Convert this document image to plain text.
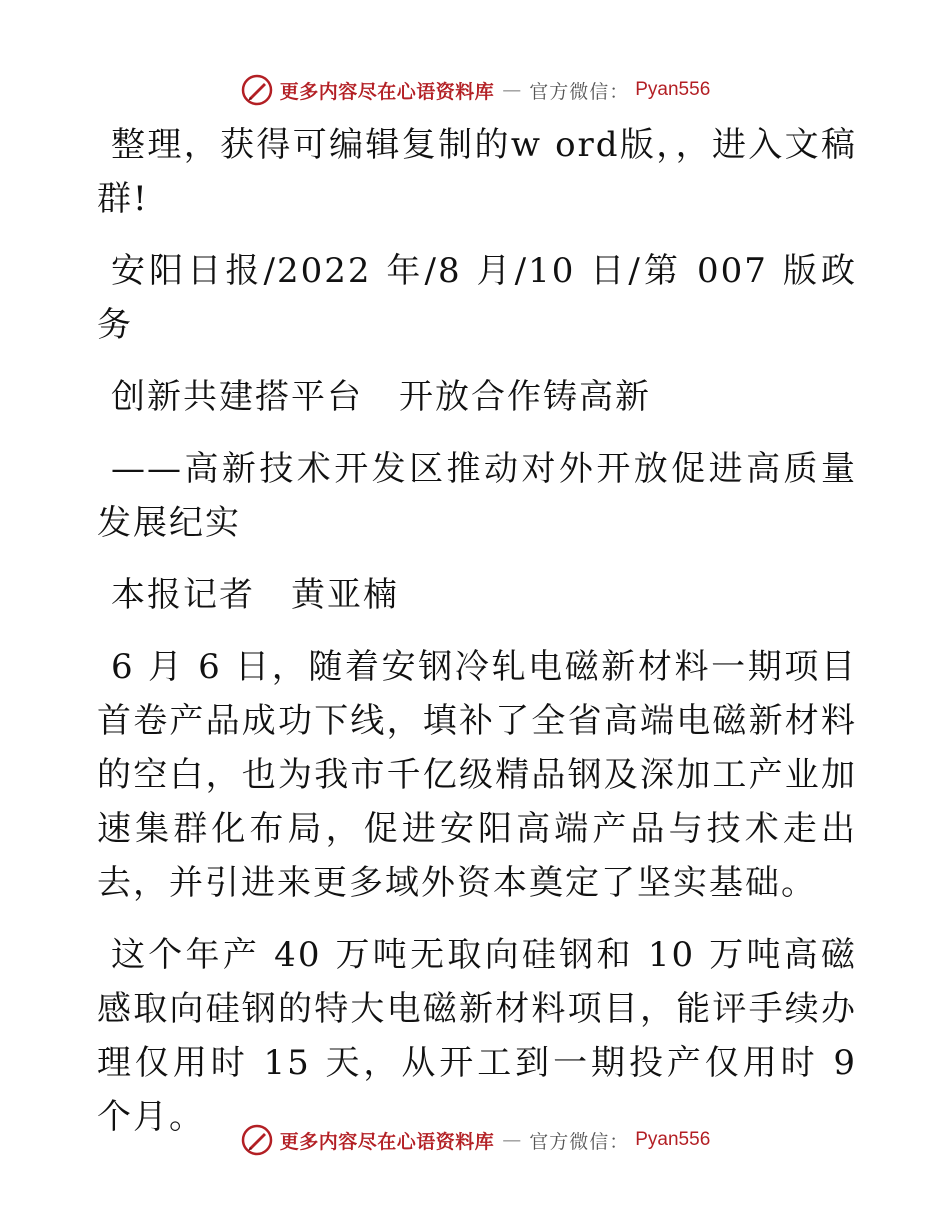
更多内容尽在心语资料库 — 官方微信： Pyan556

整理，获得可编辑复制的w ord版，，进入文稿群!

安阳日报/2022 年/8 月/10 日/第 007 版政务

创新共建搭平台　开放合作铸高新

——高新技术开发区推动对外开放促进高质量发展纪实

本报记者　黄亚楠

6 月 6 日，随着安钢冷轧电磁新材料一期项目首卷产品成功下线，填补了全省高端电磁新材料的空白，也为我市千亿级精品钢及深加工产业加速集群化布局，促进安阳高端产品与技术走出去，并引进来更多域外资本奠定了坚实基础。

这个年产 40 万吨无取向硅钢和 10 万吨高磁感取向硅钢的特大电磁新材料项目，能评手续办理仅用时 15 天，从开工到一期投产仅用时 9 个月。

更多内容尽在心语资料库 — 官方微信： Pyan556
